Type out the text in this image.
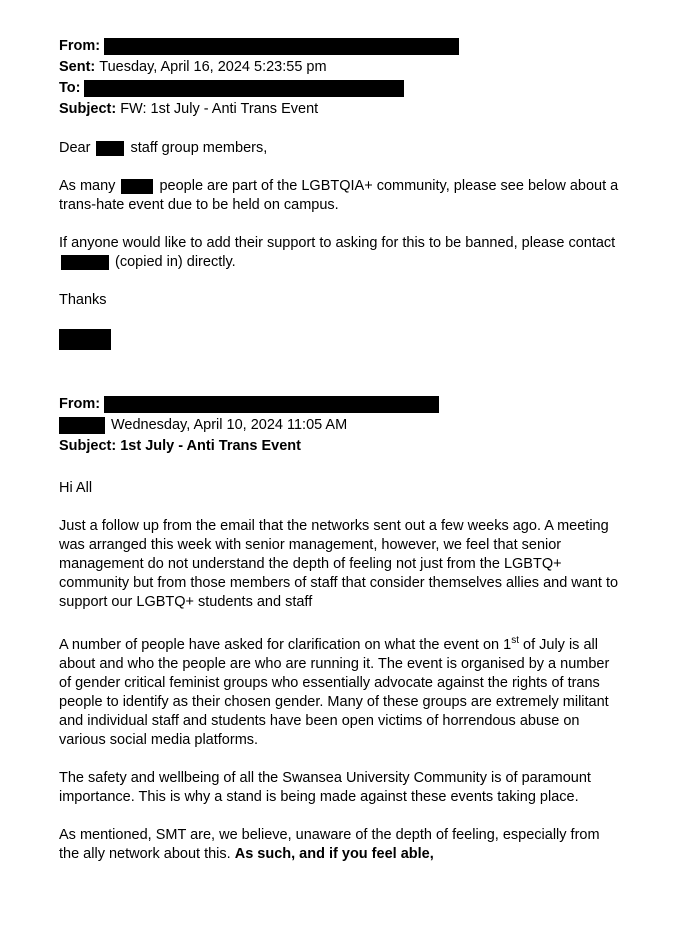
From:
Sent: Tuesday, April 16, 2024 5:23:55 pm
To:
Subject: FW: 1st July - Anti Trans Event
Dear	staff group members,

As many	people are part of the LGBTQIA+ community, please see below about a trans-hate event due to be held on campus.

If anyone would like to add their support to asking for this to be banned, please contact  (copied in) directly.

Thanks

From:
Wednesday, April 10, 2024 11:05 AM
Subject: 1st July - Anti Trans Event

Hi All

Just a follow up from the email that the networks sent out a few weeks ago. A meeting was arranged this week with senior management, however, we feel that senior management do not understand the depth of feeling not just from the LGBTQ+ community but from those members of staff that consider themselves allies and want to support our LGBTQ+ students and staff

A number of people have asked for clarification on what the event on 1st of July is all about and who the people are who are running it. The event is organised by a number of gender critical feminist groups who essentially advocate against the rights of trans people to identify as their chosen gender. Many of these groups are extremely militant and individual staff and students have been open victims of horrendous abuse on various social media platforms.

The safety and wellbeing of all the Swansea University Community is of paramount importance. This is why a stand is being made against these events taking place.

As mentioned, SMT are, we believe, unaware of the depth of feeling, especially from the ally network about this. As such, and if you feel able,
